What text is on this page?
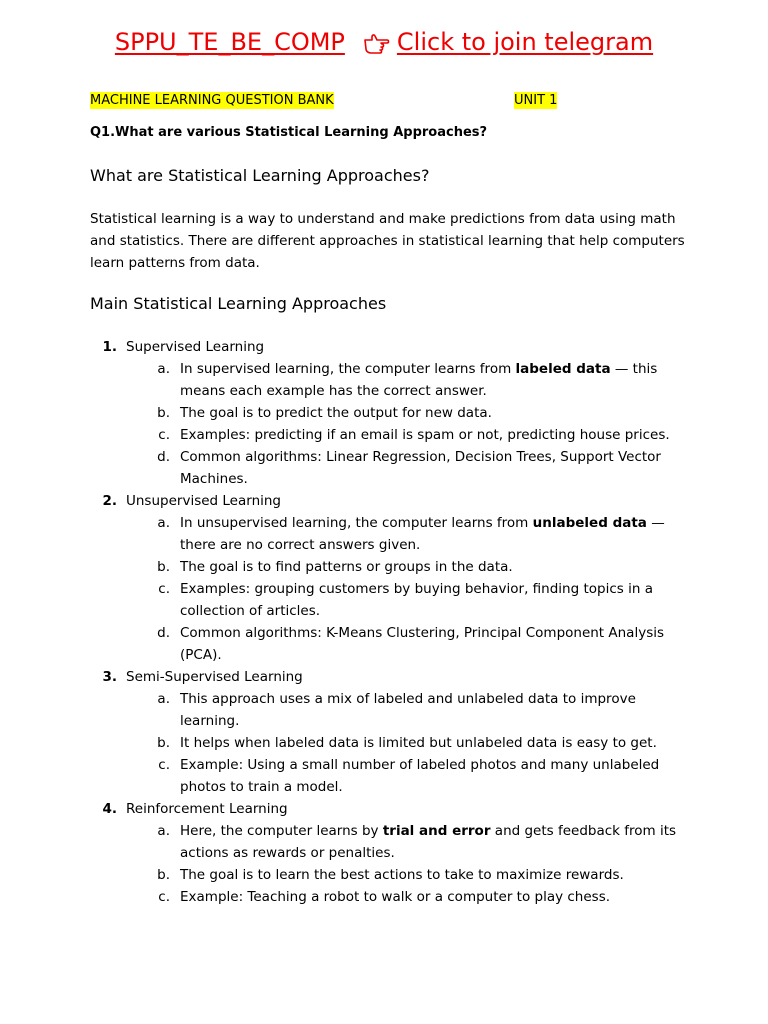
SPPU_TE_BE_COMP Click to join telegram
MACHINE LEARNING QUESTION BANK	UNIT 1
Q1.What are various Statistical Learning Approaches?
What are Statistical Learning Approaches?
Statistical learning is a way to understand and make predictions from data using math and statistics. There are different approaches in statistical learning that help computers learn patterns from data.
Main Statistical Learning Approaches
1. Supervised Learning
a. In supervised learning, the computer learns from labeled data — this means each example has the correct answer.
b. The goal is to predict the output for new data.
c. Examples: predicting if an email is spam or not, predicting house prices.
d. Common algorithms: Linear Regression, Decision Trees, Support Vector Machines.
2. Unsupervised Learning
a. In unsupervised learning, the computer learns from unlabeled data — there are no correct answers given.
b. The goal is to find patterns or groups in the data.
c. Examples: grouping customers by buying behavior, finding topics in a collection of articles.
d. Common algorithms: K-Means Clustering, Principal Component Analysis (PCA).
3. Semi-Supervised Learning
a. This approach uses a mix of labeled and unlabeled data to improve learning.
b. It helps when labeled data is limited but unlabeled data is easy to get.
c. Example: Using a small number of labeled photos and many unlabeled photos to train a model.
4. Reinforcement Learning
a. Here, the computer learns by trial and error and gets feedback from its actions as rewards or penalties.
b. The goal is to learn the best actions to take to maximize rewards.
c. Example: Teaching a robot to walk or a computer to play chess.
